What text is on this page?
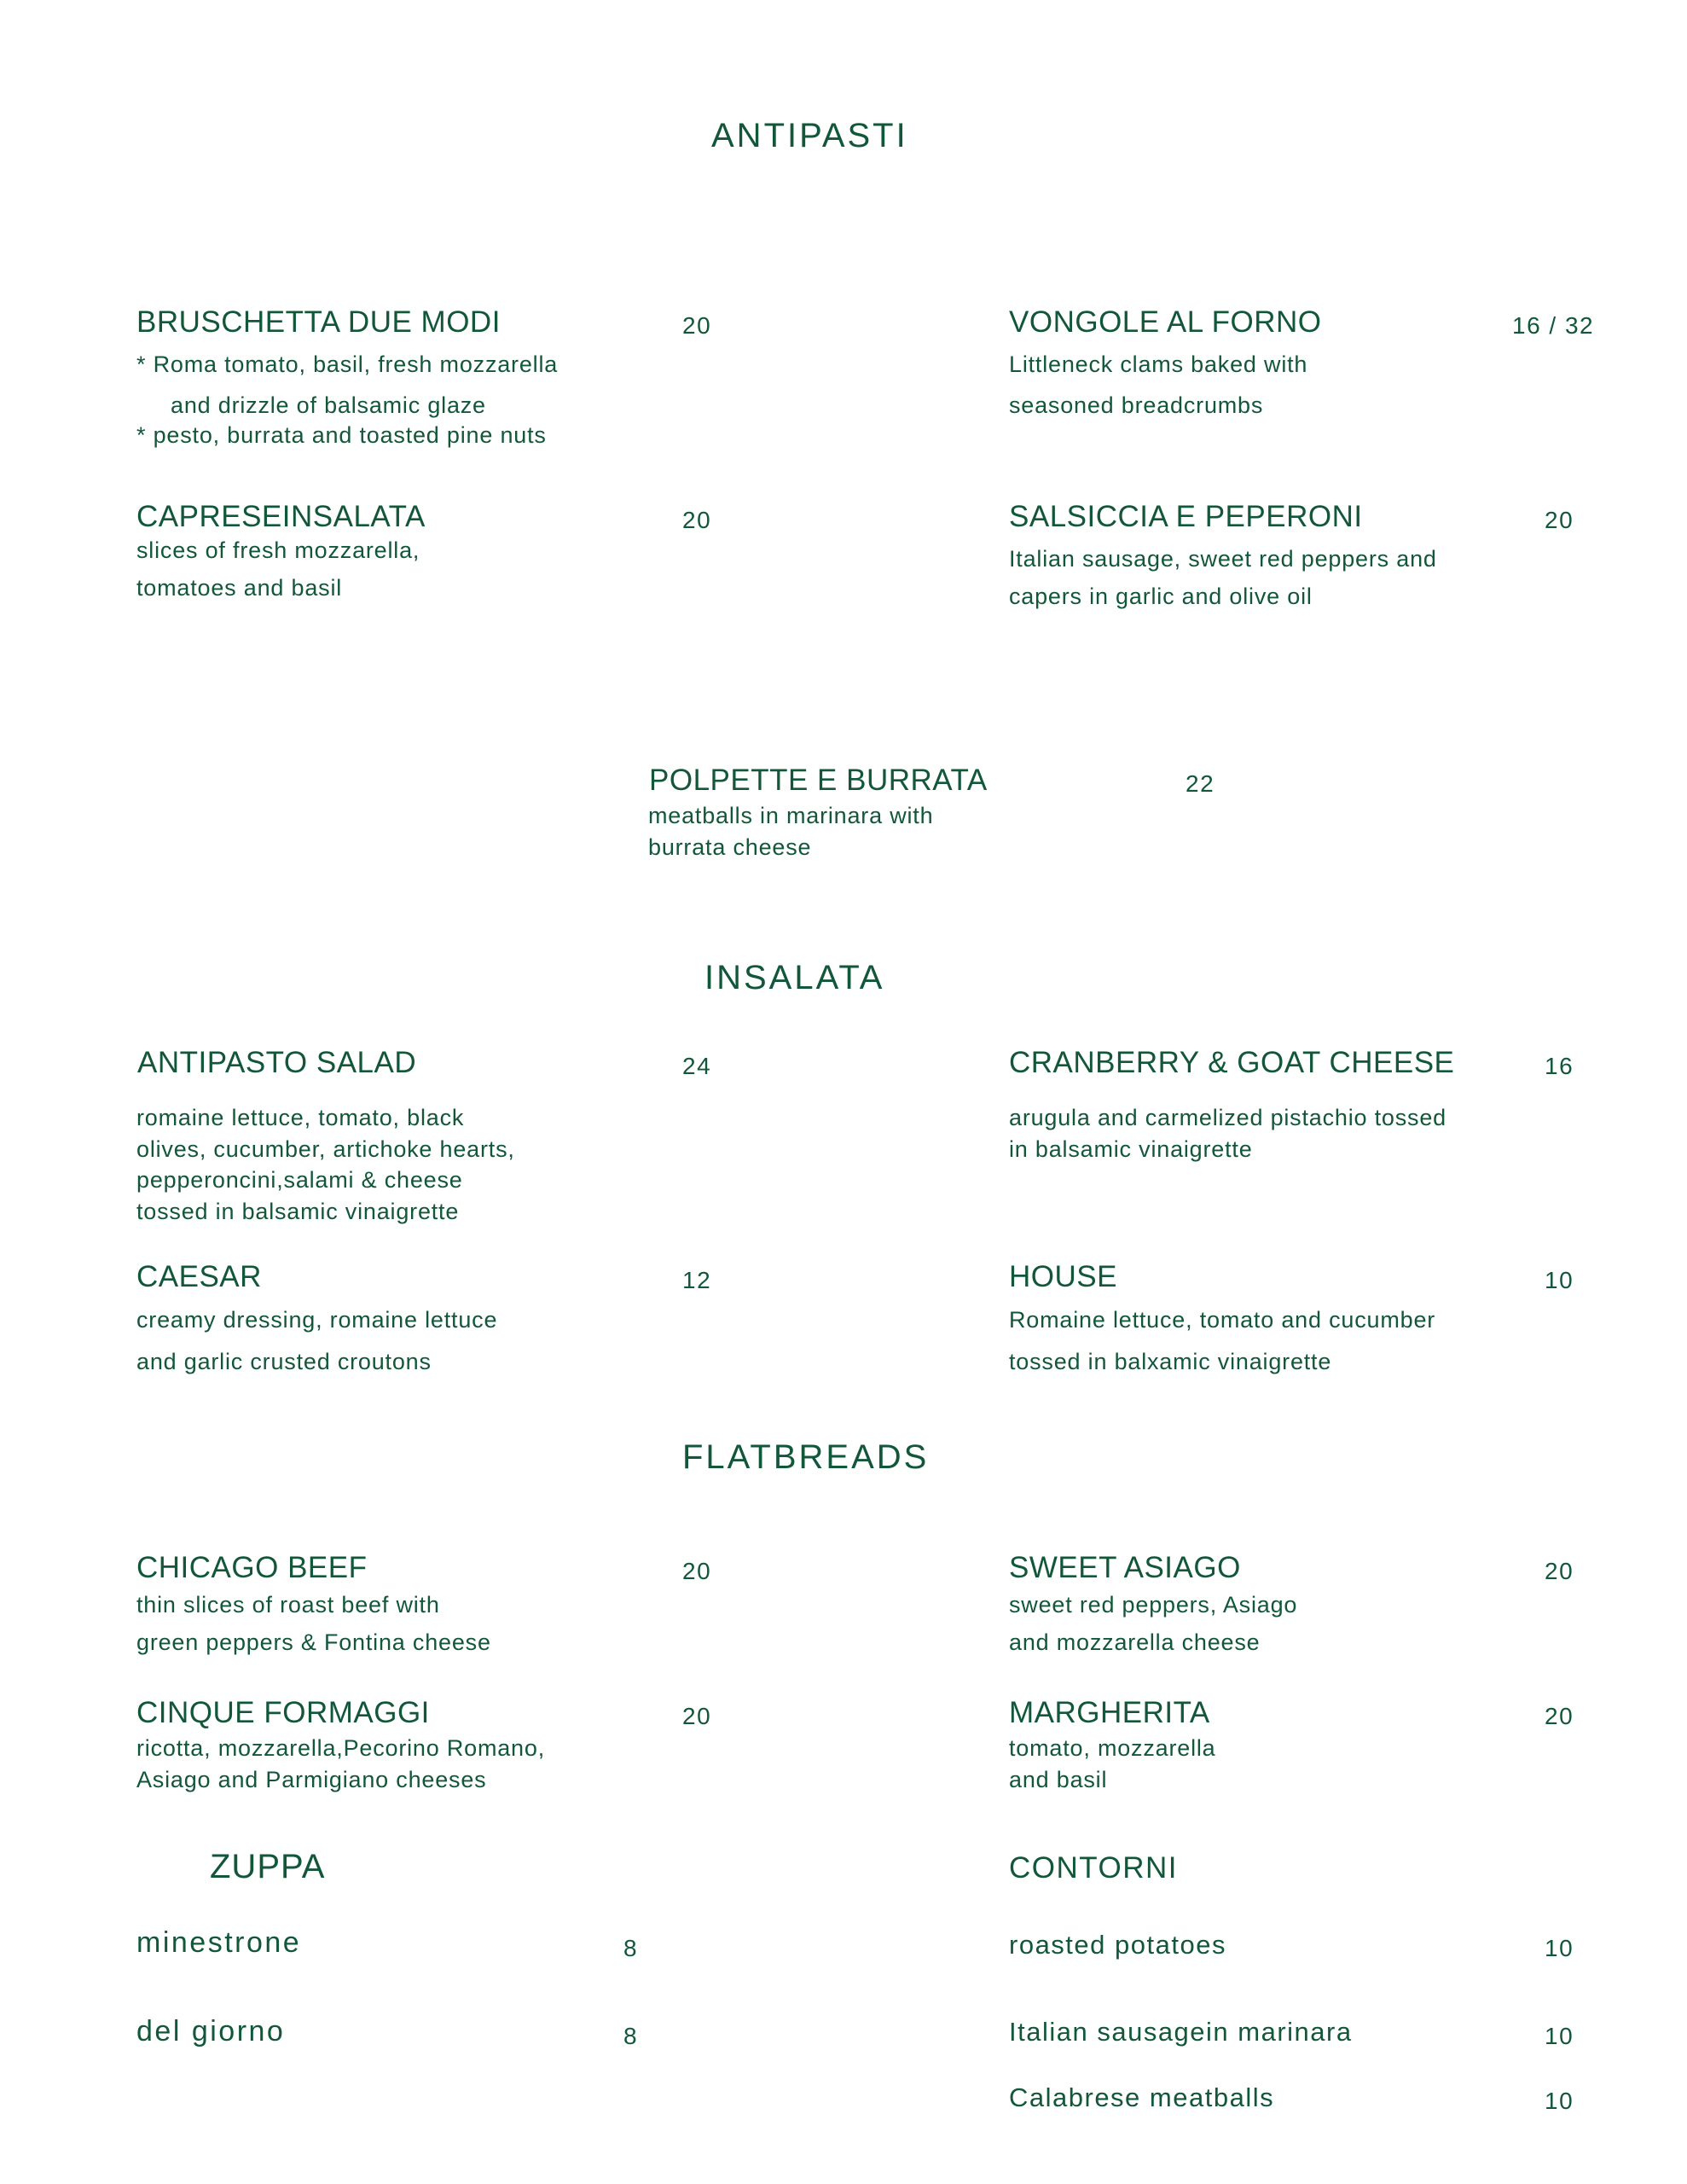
ANTIPASTI
BRUSCHETTA DUE MODI	20
* Roma tomato, basil, fresh mozzarella
and drizzle of balsamic glaze
* pesto, burrata and toasted pine nuts
VONGOLE AL FORNO	16 / 32
Littleneck clams baked with
seasoned breadcrumbs
CAPRESEINSALATA	20
slices of fresh mozzarella,
tomatoes and basil
SALSICCIA E PEPERONI	20
Italian sausage, sweet red peppers and
capers in garlic and olive oil
POLPETTE E BURRATA	22
meatballs in marinara with
burrata cheese
INSALATA
ANTIPASTO SALAD	24
romaine lettuce, tomato, black
olives, cucumber, artichoke hearts,
pepperoncini,salami & cheese
tossed in balsamic vinaigrette
CRANBERRY & GOAT CHEESE	16
arugula and carmelized pistachio tossed
in balsamic vinaigrette
CAESAR	12
creamy dressing, romaine lettuce
and garlic crusted croutons
HOUSE	10
Romaine lettuce, tomato and cucumber
tossed in balxamic vinaigrette
FLATBREADS
CHICAGO BEEF	20
thin slices of roast beef with
green peppers & Fontina cheese
SWEET ASIAGO	20
sweet red peppers, Asiago
and mozzarella cheese
CINQUE FORMAGGI	20
ricotta, mozzarella,Pecorino Romano,
Asiago and Parmigiano cheeses
MARGHERITA	20
tomato, mozzarella
and basil
ZUPPA
minestrone	8
del giorno	8
CONTORNI
roasted potatoes	10
Italian sausagein marinara	10
Calabrese meatballs	10
